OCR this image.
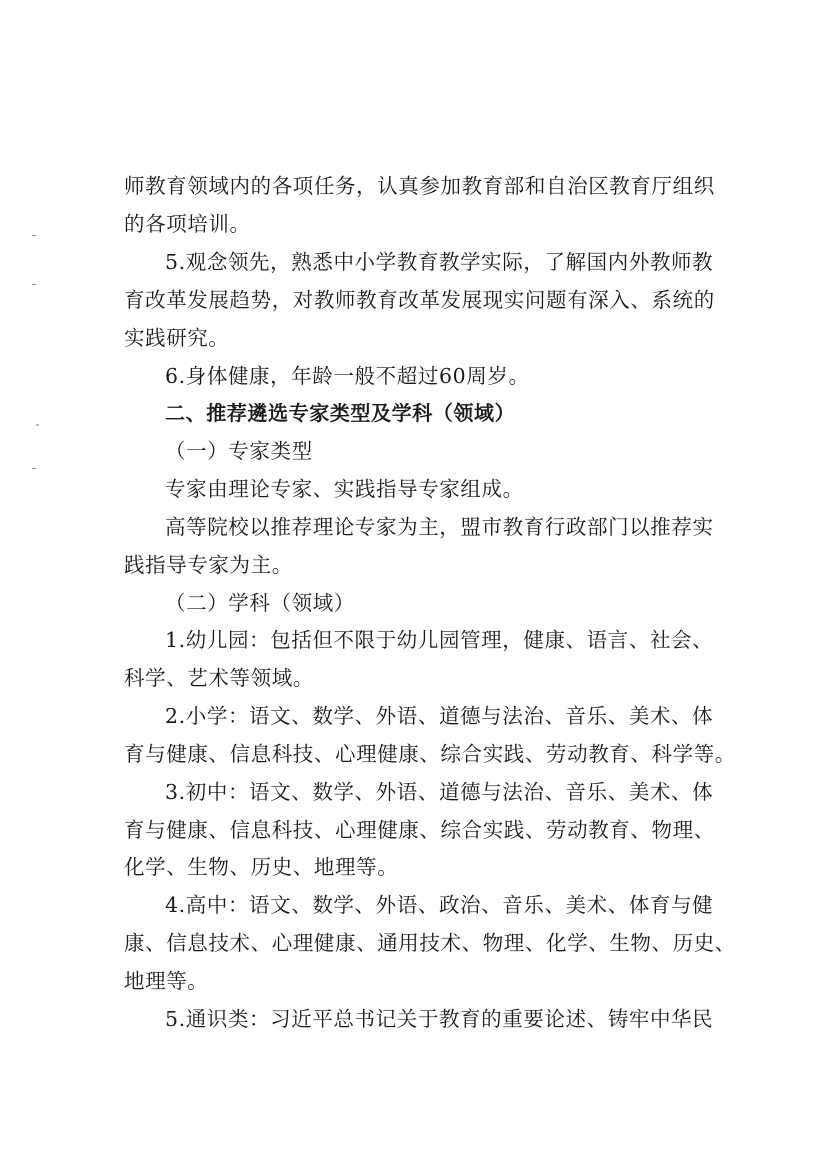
师教育领域内的各项任务，认真参加教育部和自治区教育厅组织
的各项培训。
5.观念领先，熟悉中小学教育教学实际，了解国内外教师教
育改革发展趋势，对教师教育改革发展现实问题有深入、系统的
实践研究。
6.身体健康，年龄一般不超过60周岁。
二、推荐遴选专家类型及学科（领域）
（一）专家类型
专家由理论专家、实践指导专家组成。
高等院校以推荐理论专家为主，盟市教育行政部门以推荐实
践指导专家为主。
（二）学科（领域）
1.幼儿园：包括但不限于幼儿园管理，健康、语言、社会、
科学、艺术等领域。
2.小学：语文、数学、外语、道德与法治、音乐、美术、体
育与健康、信息科技、心理健康、综合实践、劳动教育、科学等。
3.初中：语文、数学、外语、道德与法治、音乐、美术、体
育与健康、信息科技、心理健康、综合实践、劳动教育、物理、
化学、生物、历史、地理等。
4.高中：语文、数学、外语、政治、音乐、美术、体育与健
康、信息技术、心理健康、通用技术、物理、化学、生物、历史、
地理等。
5.通识类：习近平总书记关于教育的重要论述、铸牢中华民
